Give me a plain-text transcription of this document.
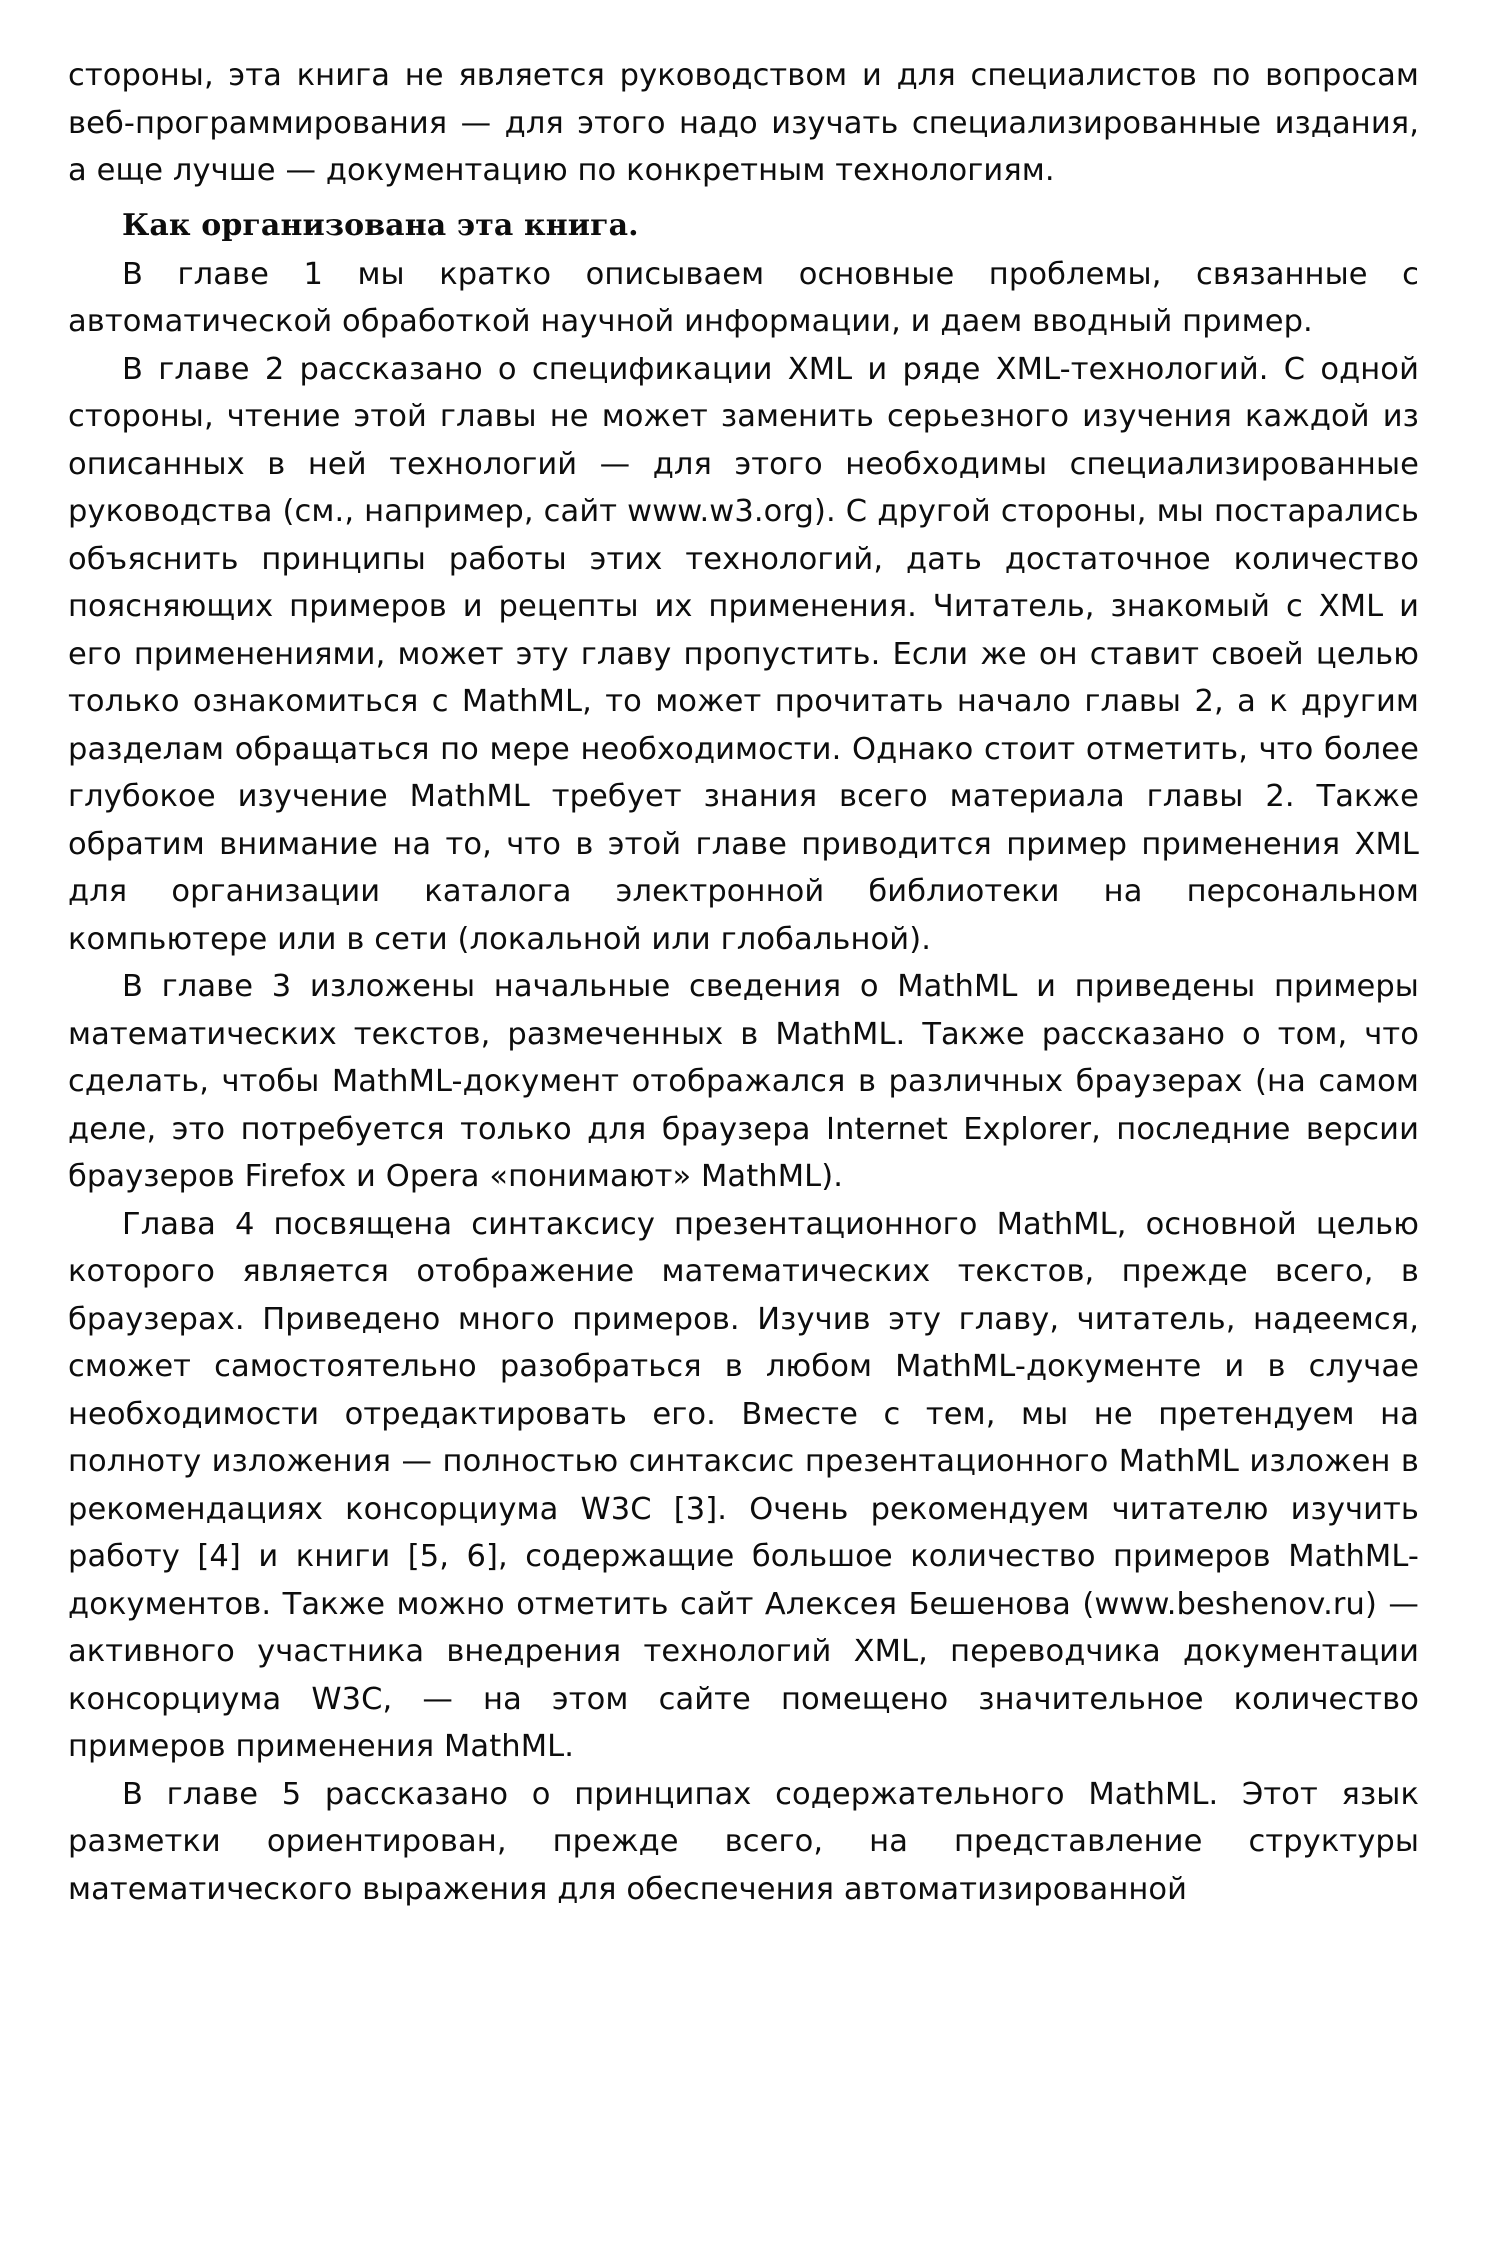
стороны, эта книга не является руководством и для специалистов по вопросам веб-программирования — для этого надо изучать специализированные издания, а еще лучше — документацию по конкретным технологиям.

Как организована эта книга.

В главе 1 мы кратко описываем основные проблемы, связанные с автоматической обработкой научной информации, и даем вводный пример.

В главе 2 рассказано о спецификации XML и ряде XML-технологий. С одной стороны, чтение этой главы не может заменить серьезного изучения каждой из описанных в ней технологий — для этого необходимы специализированные руководства (см., например, сайт www.w3.org). С другой стороны, мы постарались объяснить принципы работы этих технологий, дать достаточное количество поясняющих примеров и рецепты их применения. Читатель, знакомый с XML и его применениями, может эту главу пропустить. Если же он ставит своей целью только ознакомиться с MathML, то может прочитать начало главы 2, а к другим разделам обращаться по мере необходимости. Однако стоит отметить, что более глубокое изучение MathML требует знания всего материала главы 2. Также обратим внимание на то, что в этой главе приводится пример применения XML для организации каталога электронной библиотеки на персональном компьютере или в сети (локальной или глобальной).

В главе 3 изложены начальные сведения о MathML и приведены примеры математических текстов, размеченных в MathML. Также рассказано о том, что сделать, чтобы MathML-документ отображался в различных браузерах (на самом деле, это потребуется только для браузера Internet Explorer, последние версии браузеров Firefox и Opera «понимают» MathML).

Глава 4 посвящена синтаксису презентационного MathML, основной целью которого является отображение математических текстов, прежде всего, в браузерах. Приведено много примеров. Изучив эту главу, читатель, надеемся, сможет самостоятельно разобраться в любом MathML-документе и в случае необходимости отредактировать его. Вместе с тем, мы не претендуем на полноту изложения — полностью синтаксис презентационного MathML изложен в рекомендациях консорциума W3C [3]. Очень рекомендуем читателю изучить работу [4] и книги [5, 6], содержащие большое количество примеров MathML-документов. Также можно отметить сайт Алексея Бешенова (www.beshenov.ru) — активного участника внедрения технологий XML, переводчика документации консорциума W3C, — на этом сайте помещено значительное количество примеров применения MathML.

В главе 5 рассказано о принципах содержательного MathML. Этот язык разметки ориентирован, прежде всего, на представление структуры математического выражения для обеспечения автоматизированной
